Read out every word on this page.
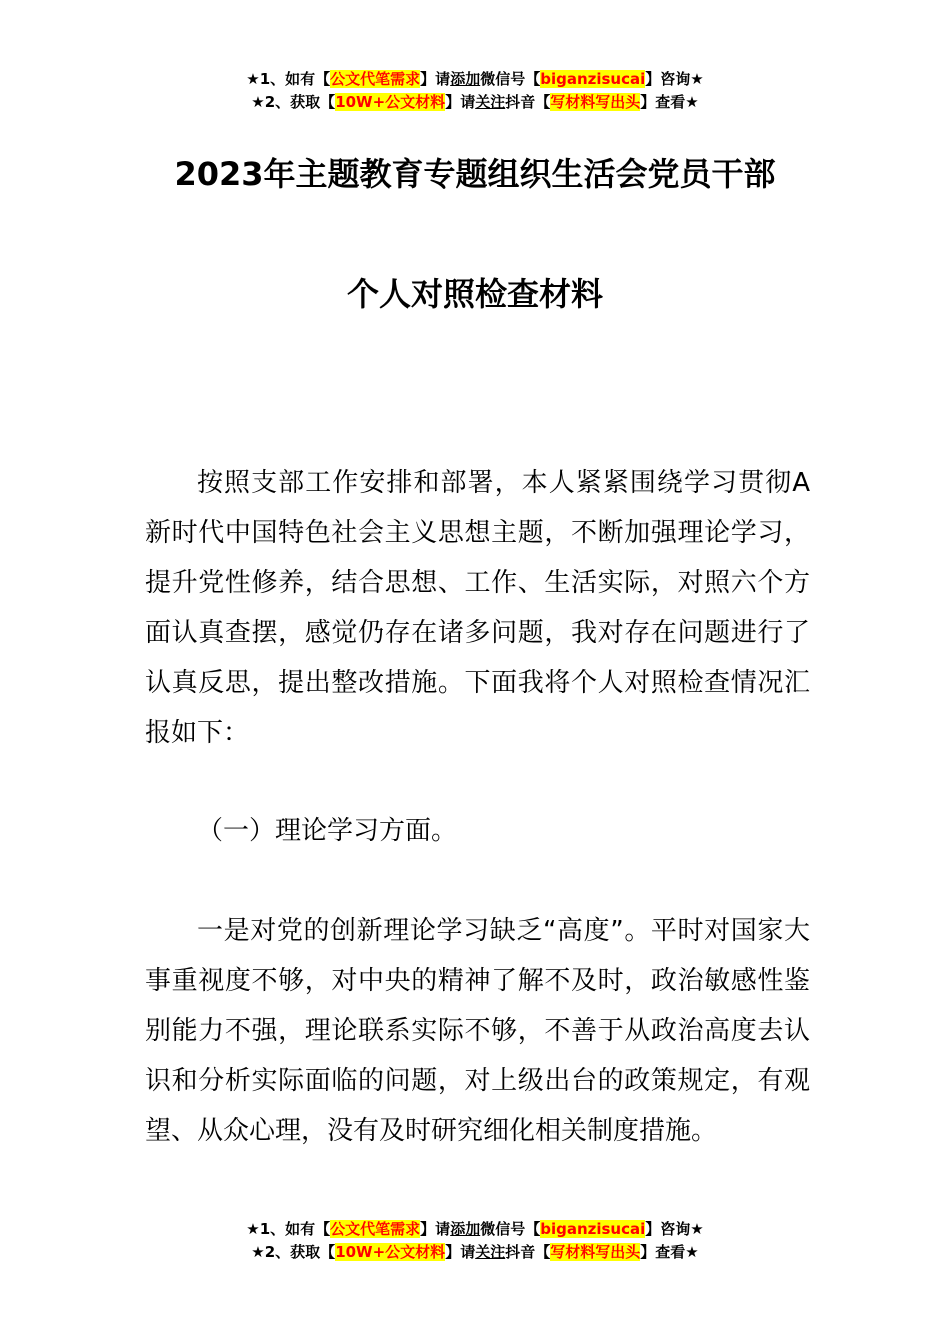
★1、如有【公文代笔需求】请添加微信号【biganzisucai】咨询★
★2、获取【10W+公文材料】请关注抖音【写材料写出头】查看★
2023年主题教育专题组织生活会党员干部
个人对照检查材料
按照支部工作安排和部署，本人紧紧围绕学习贯彻A新时代中国特色社会主义思想主题，不断加强理论学习，提升党性修养，结合思想、工作、生活实际，对照六个方面认真查摆，感觉仍存在诸多问题，我对存在问题进行了认真反思，提出整改措施。下面我将个人对照检查情况汇报如下：
（一）理论学习方面。
一是对党的创新理论学习缺乏“高度”。平时对国家大事重视度不够，对中央的精神了解不及时，政治敏感性鉴别能力不强，理论联系实际不够，不善于从政治高度去认识和分析实际面临的问题，对上级出台的政策规定，有观望、从众心理，没有及时研究细化相关制度措施。
★1、如有【公文代笔需求】请添加微信号【biganzisucai】咨询★
★2、获取【10W+公文材料】请关注抖音【写材料写出头】查看★
